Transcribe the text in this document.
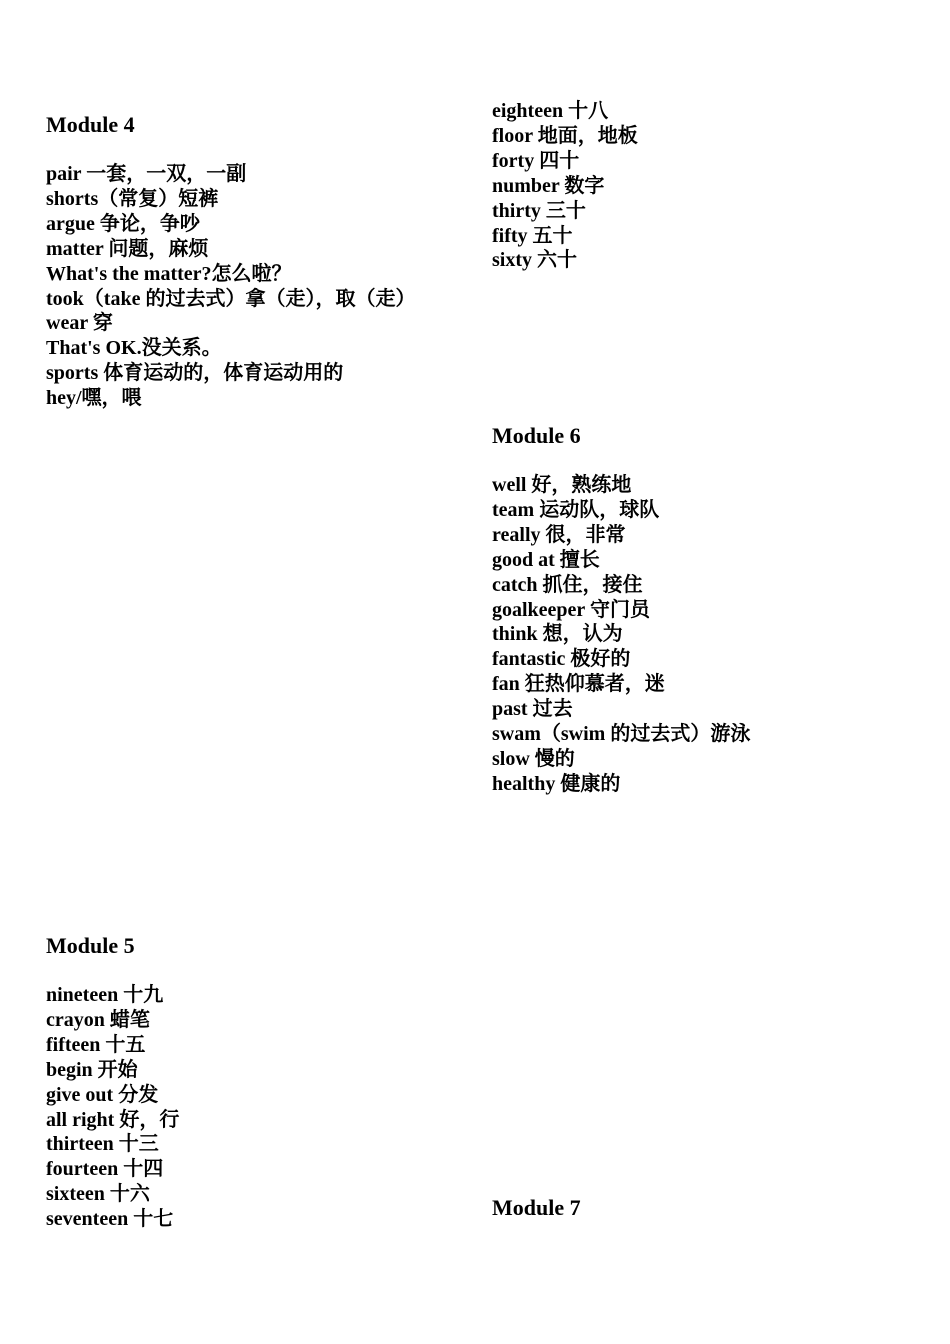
Module 4
pair 一套，一双，一副
shorts（常复）短裤
argue 争论，争吵
matter 问题，麻烦
What's the matter?怎么啦？
took（take 的过去式）拿（走），取（走）
wear 穿
That's OK.没关系。
sports 体育运动的，体育运动用的
hey/嘿，喂
Module 5
nineteen 十九
crayon 蜡笔
fifteen 十五
begin 开始
give out 分发
all right 好，行
thirteen 十三
fourteen 十四
sixteen 十六
seventeen 十七
eighteen 十八
floor 地面，地板
forty 四十
number 数字
thirty 三十
fifty 五十
sixty 六十
Module 6
well 好，熟练地
team 运动队，球队
really 很，非常
good at 擅长
catch 抓住，接住
goalkeeper 守门员
think 想，认为
fantastic 极好的
fan 狂热仰慕者，迷
past 过去
swam（swim 的过去式）游泳
slow 慢的
healthy 健康的
Module 7
